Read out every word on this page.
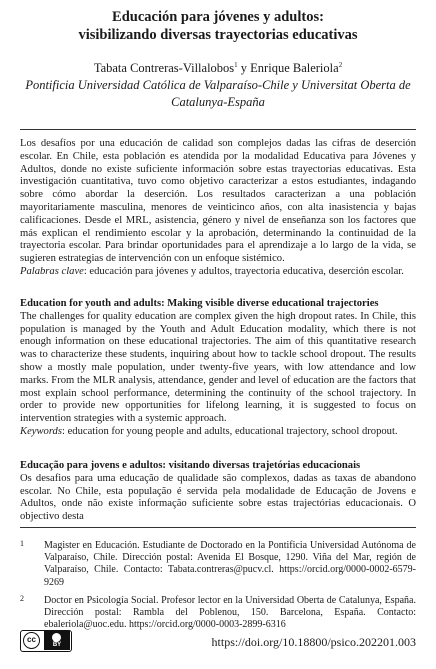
Educación para jóvenes y adultos:
visibilizando diversas trayectorias educativas
Tabata Contreras-Villalobos$^1$ y Enrique Baleriola$^2$
Pontificia Universidad Católica de Valparaíso-Chile y Universitat Oberta de Catalunya-España

Los desafíos por una educación de calidad son complejos dadas las cifras de deserción escolar. En Chile, esta población es atendida por la modalidad Educativa para Jóvenes y Adultos, donde no existe suficiente información sobre estas trayectorias educativas. Esta investigación cuantitativa, tuvo como objetivo caracterizar a estos estudiantes, indagando sobre cómo abordar la deserción. Los resultados caracterizan a una población mayoritariamente masculina, menores de veinticinco años, con alta inasistencia y bajas calificaciones. Desde el MRL, asistencia, género y nivel de enseñanza son los factores que más explican el rendimiento escolar y la aprobación, determinando la continuidad de la trayectoria escolar. Para brindar oportunidades para el aprendizaje a lo largo de la vida, se sugieren estrategias de intervención con un enfoque sistémico.

Palabras clave: educación para jóvenes y adultos, trayectoria educativa, deserción escolar.

Education for youth and adults: Making visible diverse educational trajectories

The challenges for quality education are complex given the high dropout rates. In Chile, this population is managed by the Youth and Adult Education modality, which there is not enough information on these educational trajectories. The aim of this quantitative research was to characterize these students, inquiring about how to tackle school dropout. The results show a mostly male population, under twenty-five years, with low attendance and low marks. From the MLR analysis, attendance, gender and level of education are the factors that most explain school performance, determining the continuity of the school trajectory. In order to provide new opportunities for lifelong learning, it is suggested to focus on intervention strategies with a systemic approach.

Keywords: education for young people and adults, educational trajectory, school dropout.

Educação para jovens e adultos: visitando diversas trajetórias educacionais

Os desafios para uma educação de qualidade são complexos, dadas as taxas de abandono escolar. No Chile, esta população é servida pela modalidade de Educação de Jovens e Adultos, onde não existe informação suficiente sobre estas trajectórias educacionais. O objectivo desta

1 Magister en Educación. Estudiante de Doctorado en la Pontificia Universidad Autónoma de Valparaíso, Chile. Dirección postal: Avenida El Bosque, 1290. Viña del Mar, región de Valparaíso, Chile. Contacto: Tabata.contreras@pucv.cl. https://orcid.org/0000-0002-6579-9269
2 Doctor en Psicología Social. Profesor lector en la Universidad Oberta de Catalunya, España. Dirección postal: Rambla del Poblenou, 150. Barcelona, España. Contacto: ebaleriola@uoc.edu. https://orcid.org/0000-0003-2899-6316
cc
BY	https://doi.org/10.18800/psico.202201.003
